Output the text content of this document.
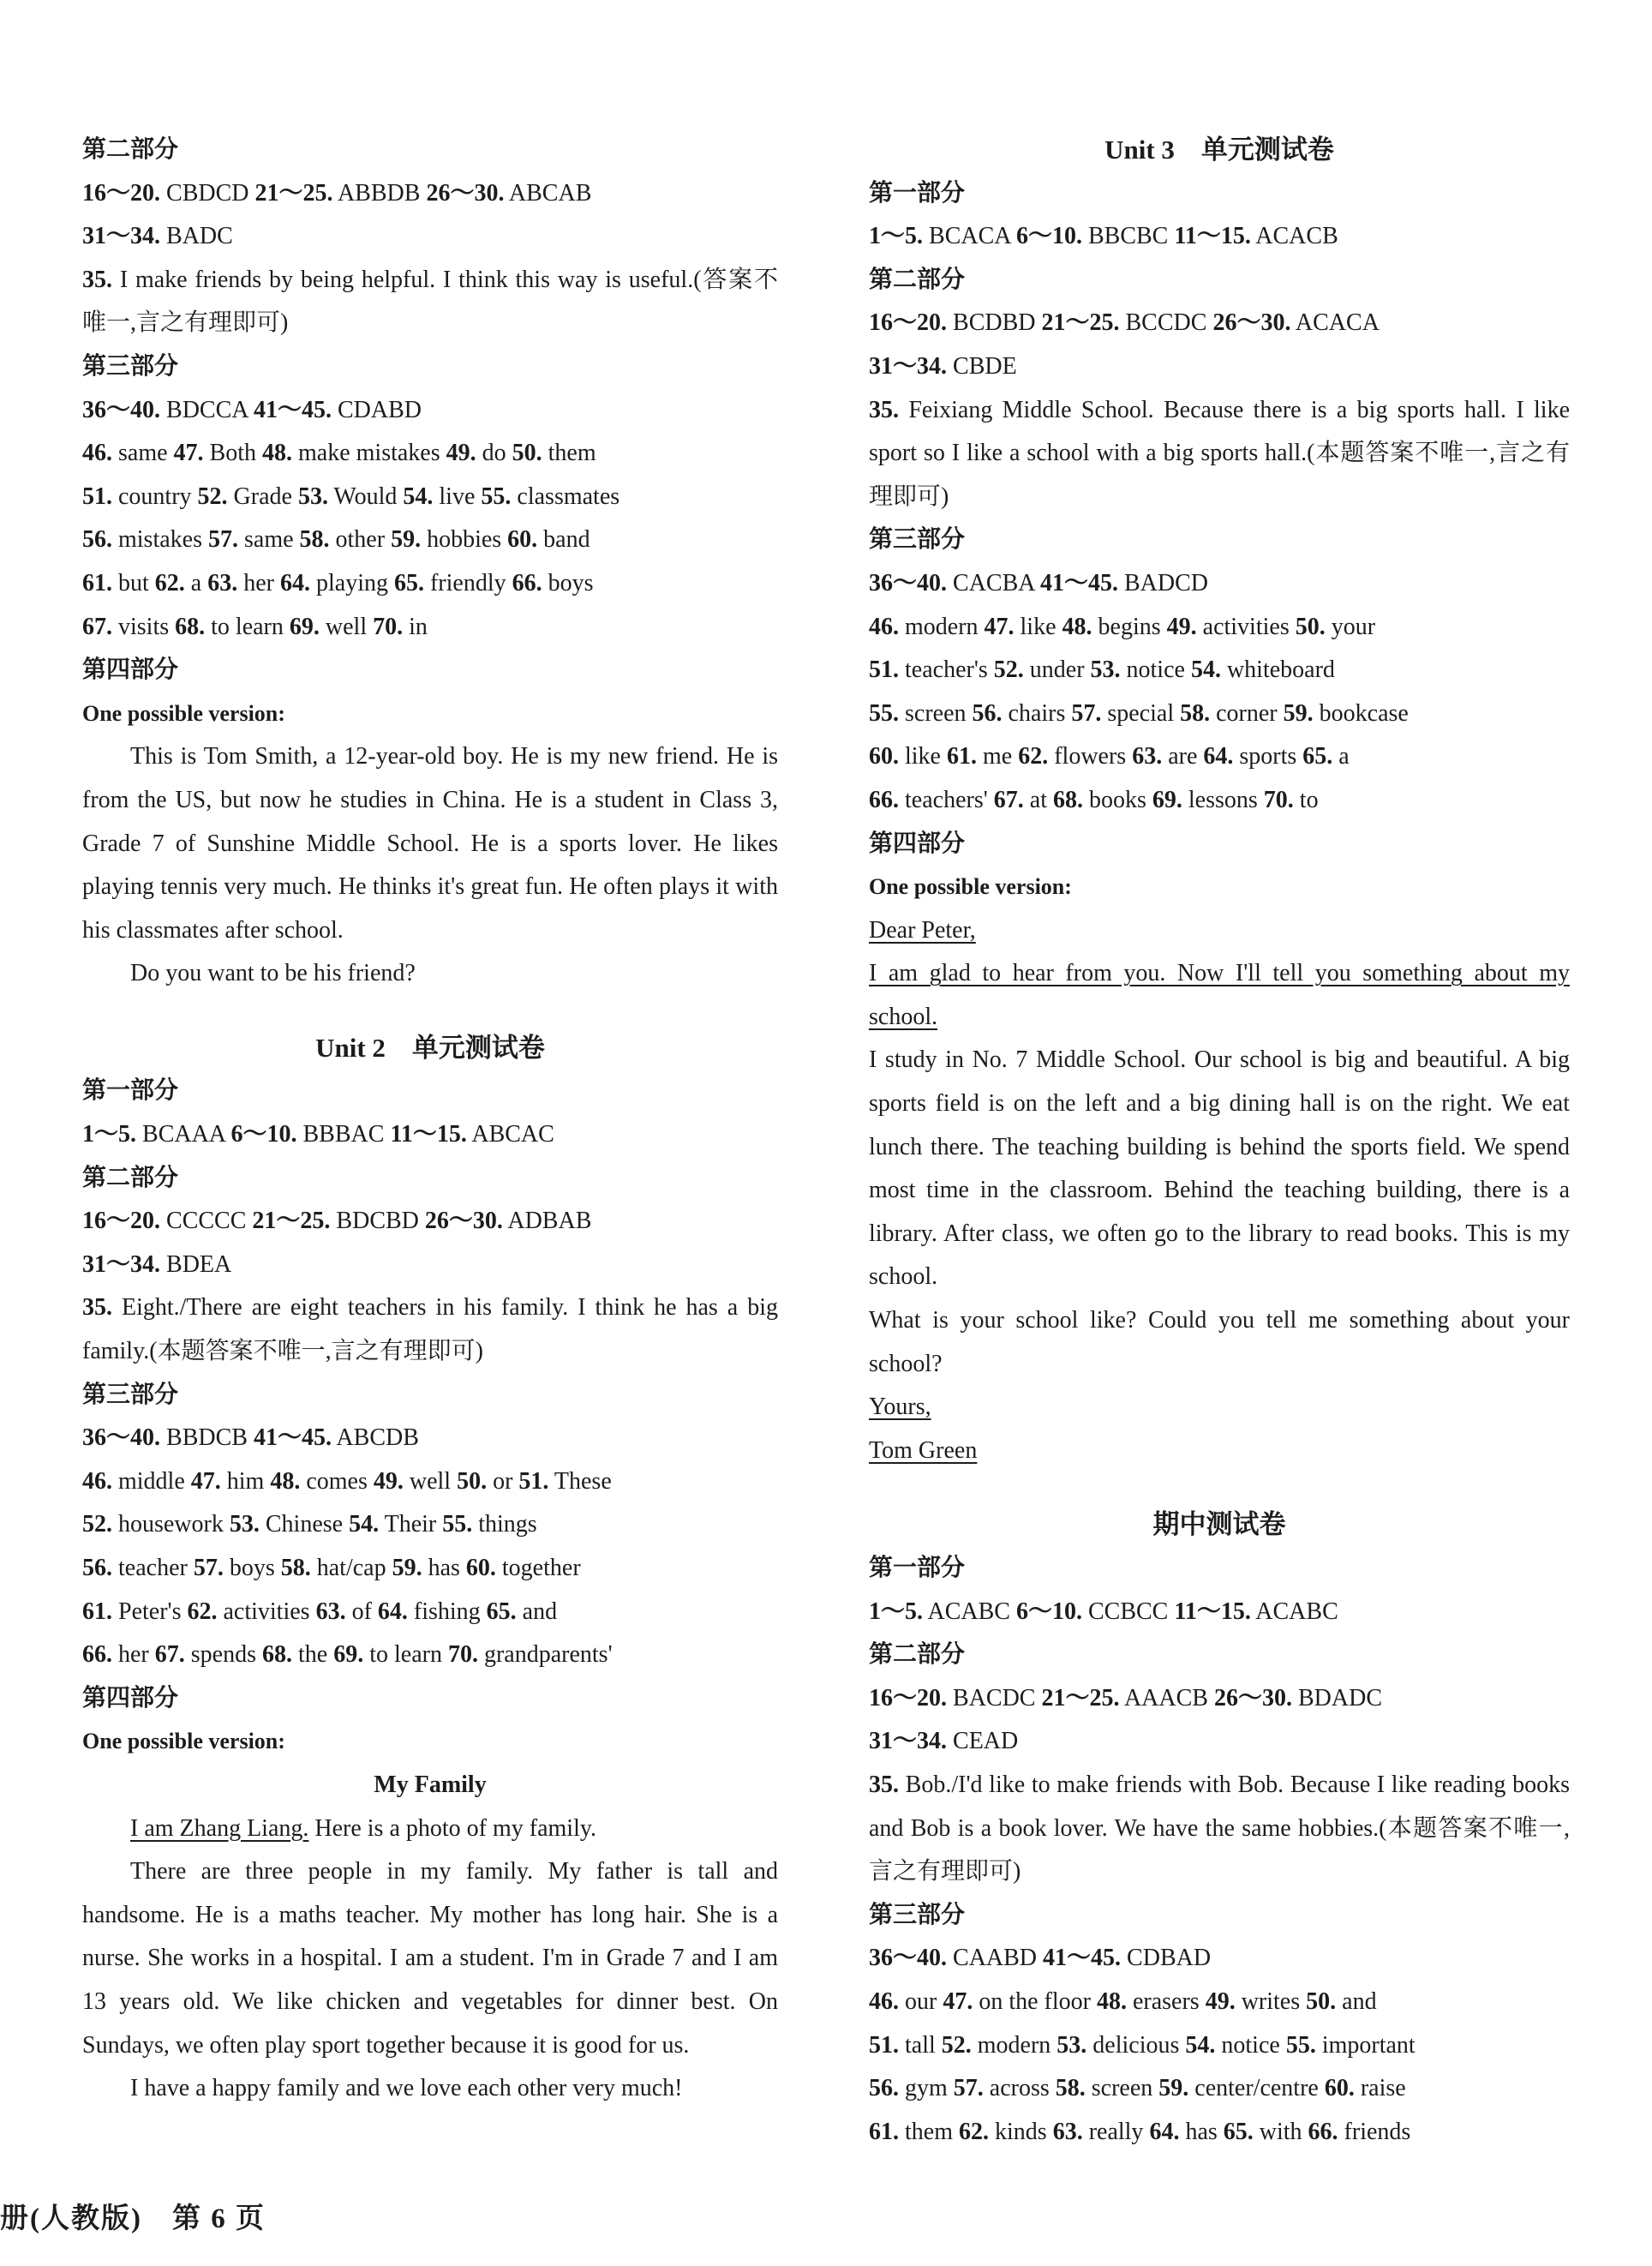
第二部分
16～20. CBDCD 21～25. ABBDB 26～30. ABCAB
31～34. BADC
35. I make friends by being helpful. I think this way is useful.(答案不唯一,言之有理即可)
第三部分
36～40. BDCCA 41～45. CDABD
46. same 47. Both 48. make mistakes 49. do 50. them
51. country 52. Grade 53. Would 54. live 55. classmates
56. mistakes 57. same 58. other 59. hobbies 60. band
61. but 62. a 63. her 64. playing 65. friendly 66. boys
67. visits 68. to learn 69. well 70. in
第四部分
One possible version:
This is Tom Smith, a 12-year-old boy. He is my new friend. He is from the US, but now he studies in China. He is a student in Class 3, Grade 7 of Sunshine Middle School. He is a sports lover. He likes playing tennis very much. He thinks it's great fun. He often plays it with his classmates after school.
Do you want to be his friend?
Unit 2　单元测试卷
第一部分
1～5. BCAAA 6～10. BBBAC 11～15. ABCAC
第二部分
16～20. CCCCC 21～25. BDCBD 26～30. ADBAB
31～34. BDEA
35. Eight./There are eight teachers in his family. I think he has a big family.(本题答案不唯一,言之有理即可)
第三部分
36～40. BBDCB 41～45. ABCDB
46. middle 47. him 48. comes 49. well 50. or 51. These
52. housework 53. Chinese 54. Their 55. things
56. teacher 57. boys 58. hat/cap 59. has 60. together
61. Peter's 62. activities 63. of 64. fishing 65. and
66. her 67. spends 68. the 69. to learn 70. grandparents'
第四部分
One possible version:
My Family
I am Zhang Liang. Here is a photo of my family.
There are three people in my family. My father is tall and handsome. He is a maths teacher. My mother has long hair. She is a nurse. She works in a hospital. I am a student. I'm in Grade 7 and I am 13 years old. We like chicken and vegetables for dinner best. On Sundays, we often play sport together because it is good for us.
I have a happy family and we love each other very much!
Unit 3　单元测试卷
第一部分
1～5. BCACA 6～10. BBCBC 11～15. ACACB
第二部分
16～20. BCDBD 21～25. BCCDC 26～30. ACACA
31～34. CBDE
35. Feixiang Middle School. Because there is a big sports hall. I like sport so I like a school with a big sports hall.(本题答案不唯一,言之有理即可)
第三部分
36～40. CACBA 41～45. BADCD
46. modern 47. like 48. begins 49. activities 50. your
51. teacher's 52. under 53. notice 54. whiteboard
55. screen 56. chairs 57. special 58. corner 59. bookcase
60. like 61. me 62. flowers 63. are 64. sports 65. a
66. teachers' 67. at 68. books 69. lessons 70. to
第四部分
One possible version:
Dear Peter,
I am glad to hear from you. Now I'll tell you something about my school.
I study in No. 7 Middle School. Our school is big and beautiful. A big sports field is on the left and a big dining hall is on the right. We eat lunch there. The teaching building is behind the sports field. We spend most time in the classroom. Behind the teaching building, there is a library. After class, we often go to the library to read books. This is my school.
What is your school like? Could you tell me something about your school?
Yours,
Tom Green
期中测试卷
第一部分
1～5. ACABC 6～10. CCBCC 11～15. ACABC
第二部分
16～20. BACDC 21～25. AAACB 26～30. BDADC
31～34. CEAD
35. Bob./I'd like to make friends with Bob. Because I like reading books and Bob is a book lover. We have the same hobbies.(本题答案不唯一,言之有理即可)
第三部分
36～40. CAABD 41～45. CDBAD
46. our 47. on the floor 48. erasers 49. writes 50. and
51. tall 52. modern 53. delicious 54. notice 55. important
56. gym 57. across 58. screen 59. center/centre 60. raise
61. them 62. kinds 63. really 64. has 65. with 66. friends
册(人教版)　第 6 页
